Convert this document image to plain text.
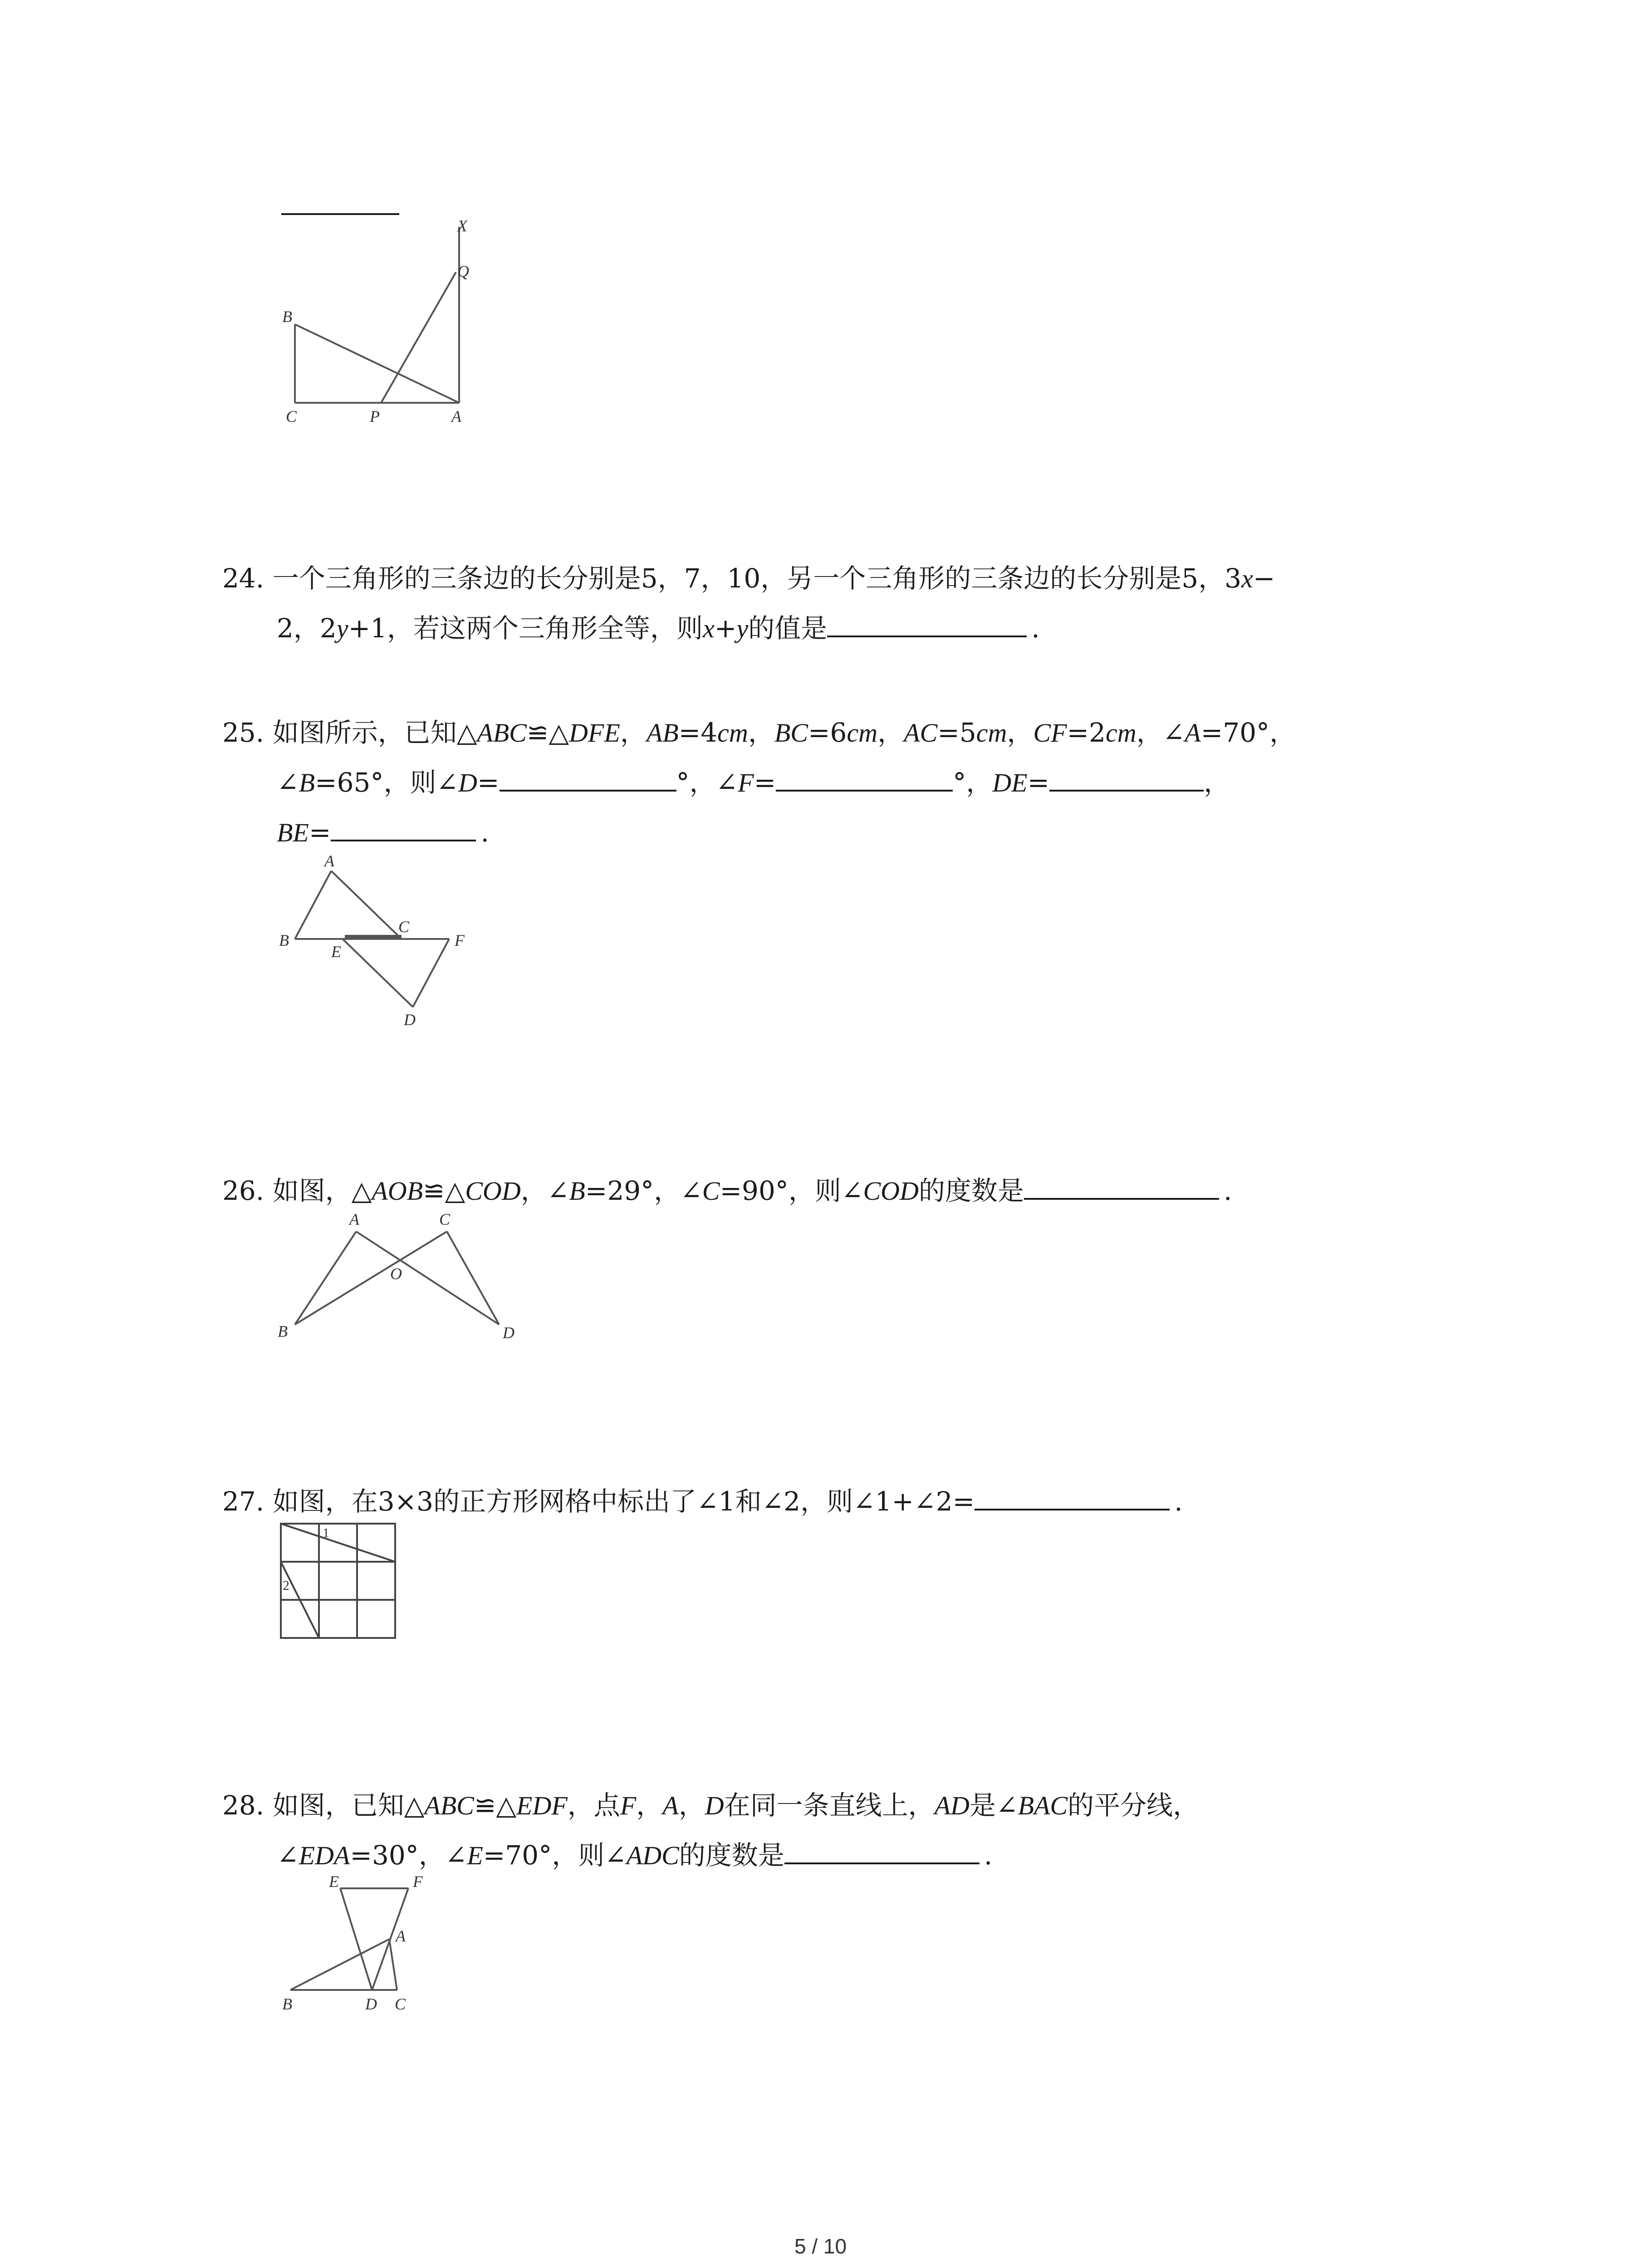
X
Q
B
C	P	A
24. 一个三角形的三条边的长分别是5，7，10，另一个三角形的三条边的长分别是5，3x−
2，2y+1，若这两个三角形全等，则x+y的值是	.
25. 如图所示，已知△ABC≌△DFE，AB=4cm，BC=6cm，AC=5cm，CF=2cm，∠A=70°，
∠B=65°，则∠D=	°，∠F=	°，DE=	，
BE=	.
A
B
E
C
F
D
26. 如图，△AOB≌△COD，∠B=29°，∠C=90°，则∠COD的度数是	.
A	C
O
B	D
27. 如图，在3×3的正方形网格中标出了∠1和∠2，则∠1+∠2=	.
1
2
28. 如图，已知△ABC≌△EDF，点F，A，D在同一条直线上，AD是∠BAC的平分线，
∠EDA=30°，∠E=70°，则∠ADC的度数是	.
E	F
A
B	D C
5 / 10
